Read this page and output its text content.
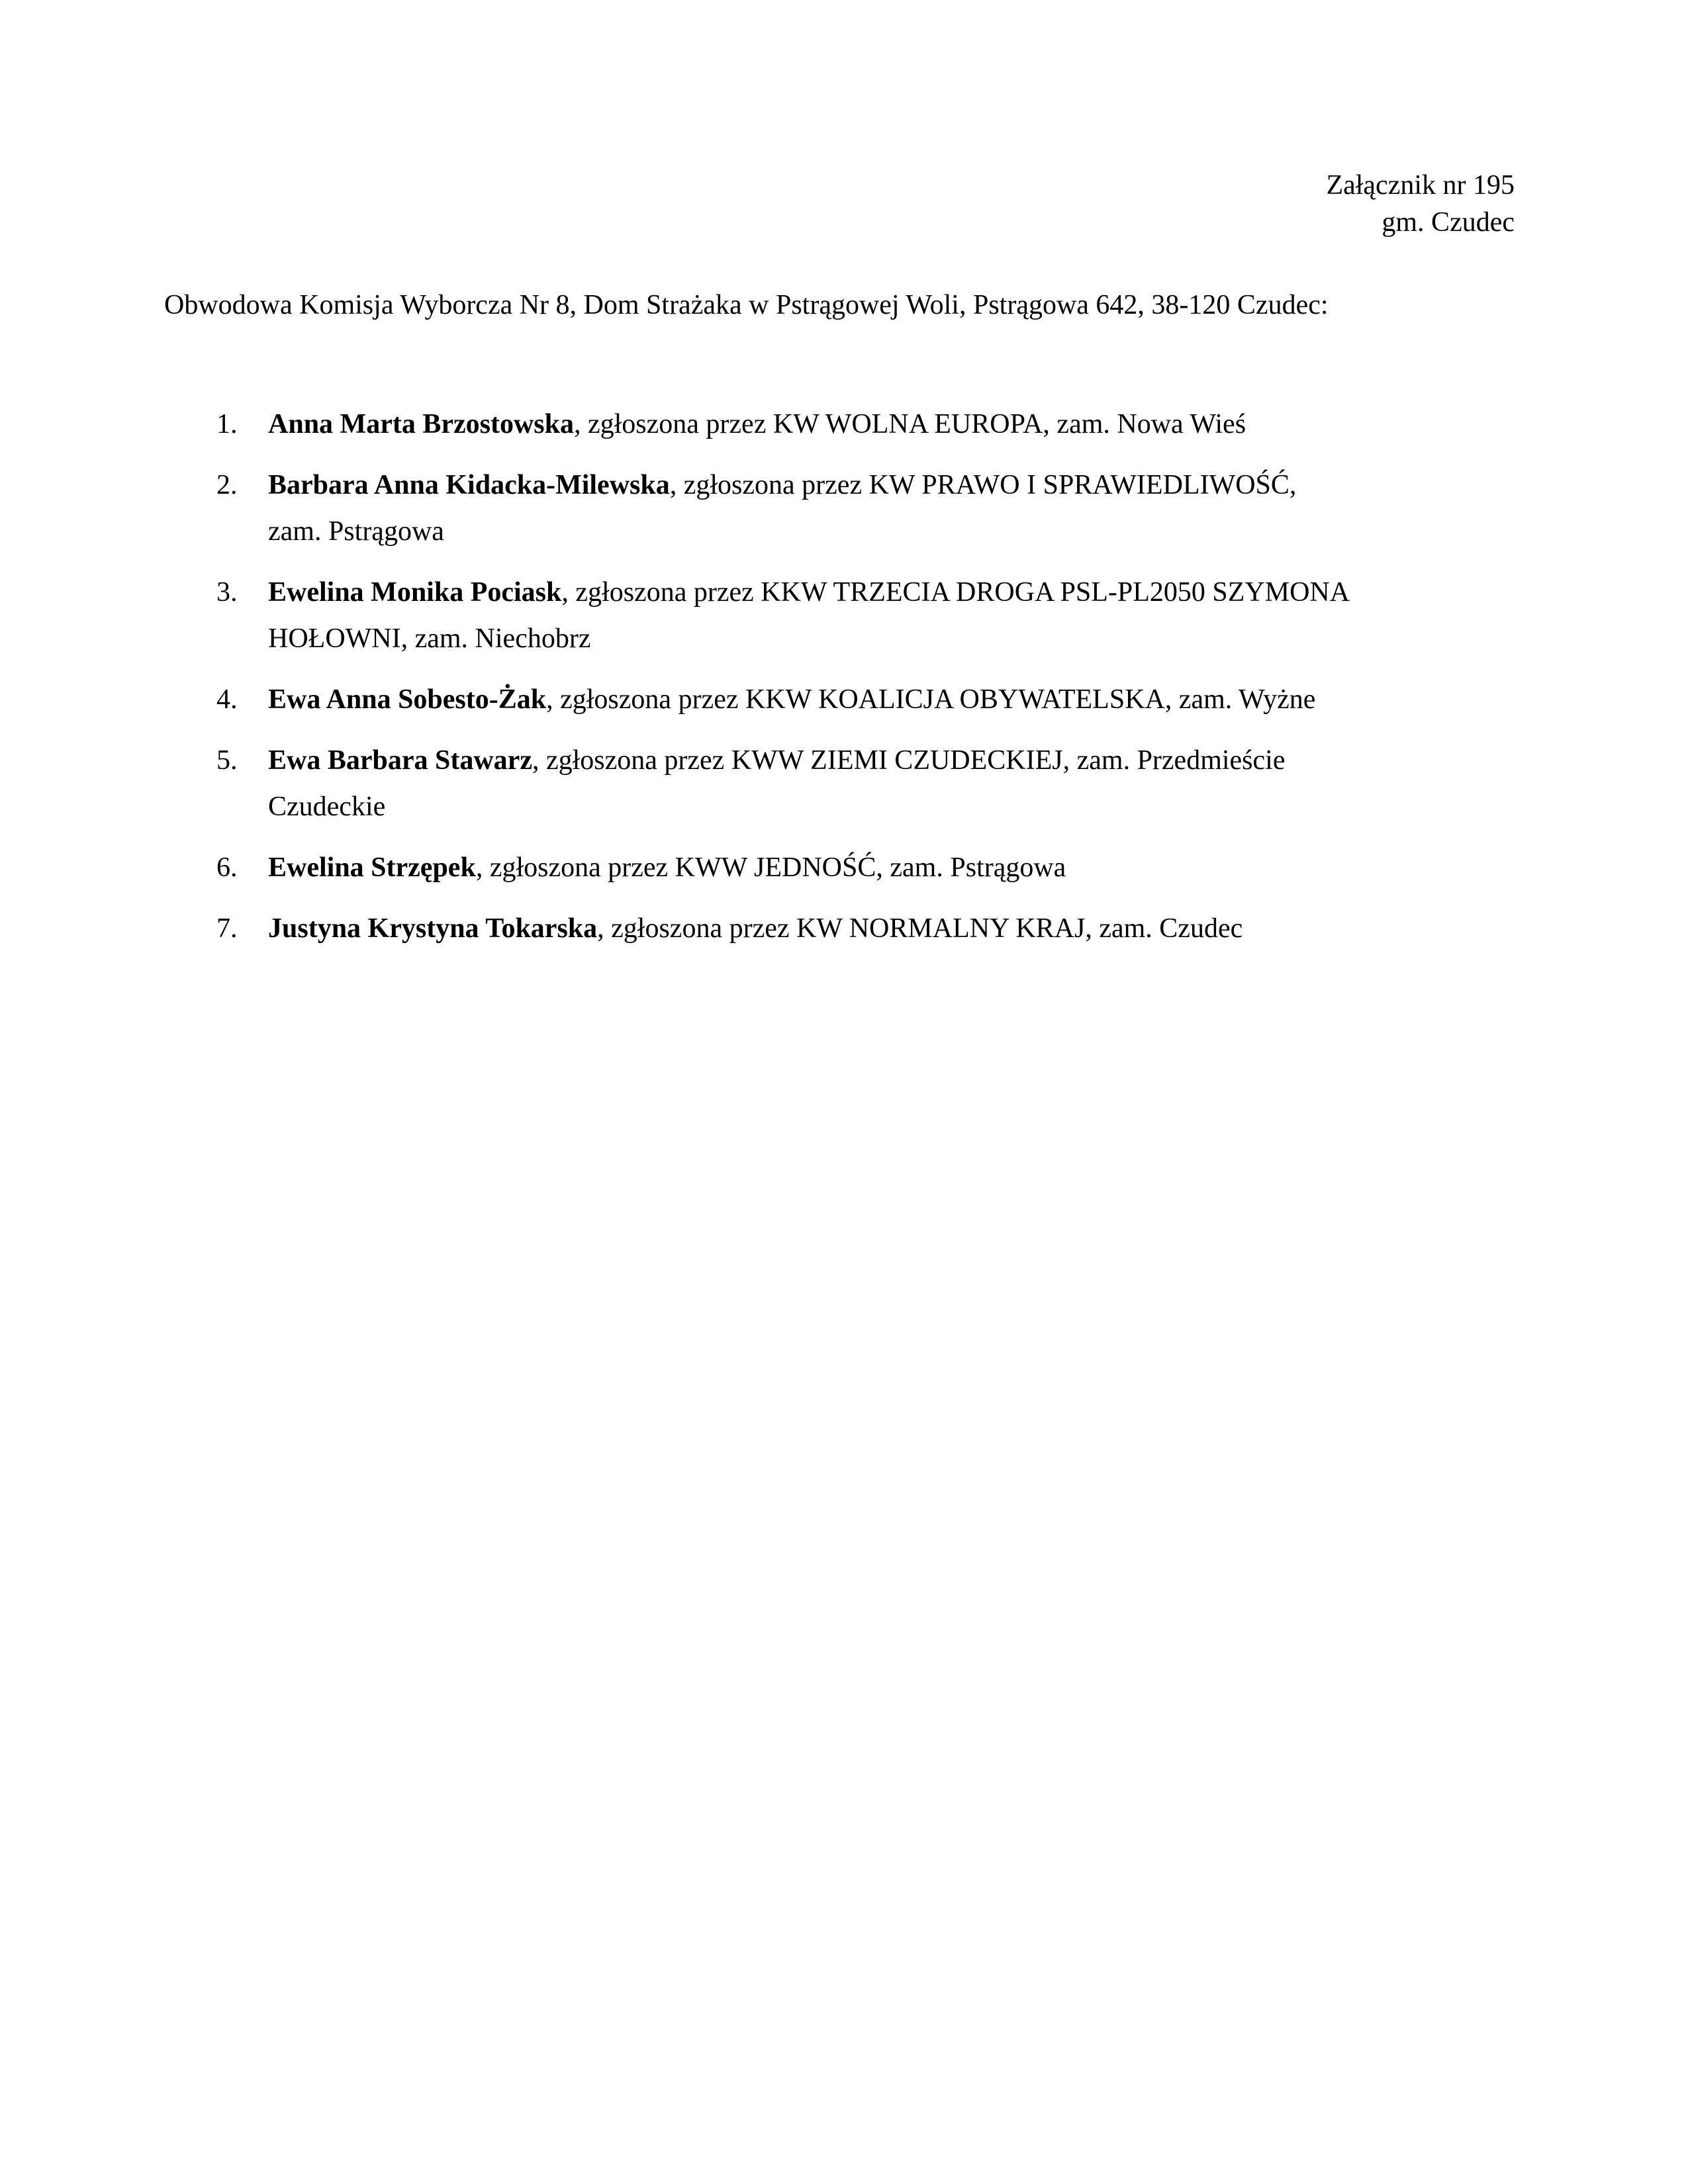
Załącznik nr 195
gm. Czudec
Obwodowa Komisja Wyborcza Nr 8, Dom Strażaka w Pstrągowej Woli, Pstrągowa 642, 38-120 Czudec:
1. Anna Marta Brzostowska, zgłoszona przez KW WOLNA EUROPA, zam. Nowa Wieś
2. Barbara Anna Kidacka-Milewska, zgłoszona przez KW PRAWO I SPRAWIEDLIWOŚĆ,
zam. Pstrągowa
3. Ewelina Monika Pociask, zgłoszona przez KKW TRZECIA DROGA PSL-PL2050 SZYMONA
HOŁOWNI, zam. Niechobrz
4. Ewa Anna Sobesto-Żak, zgłoszona przez KKW KOALICJA OBYWATELSKA, zam. Wyżne
5. Ewa Barbara Stawarz, zgłoszona przez KWW ZIEMI CZUDECKIEJ, zam. Przedmieście
Czudeckie
6. Ewelina Strzępek, zgłoszona przez KWW JEDNOŚĆ, zam. Pstrągowa
7. Justyna Krystyna Tokarska, zgłoszona przez KW NORMALNY KRAJ, zam. Czudec
